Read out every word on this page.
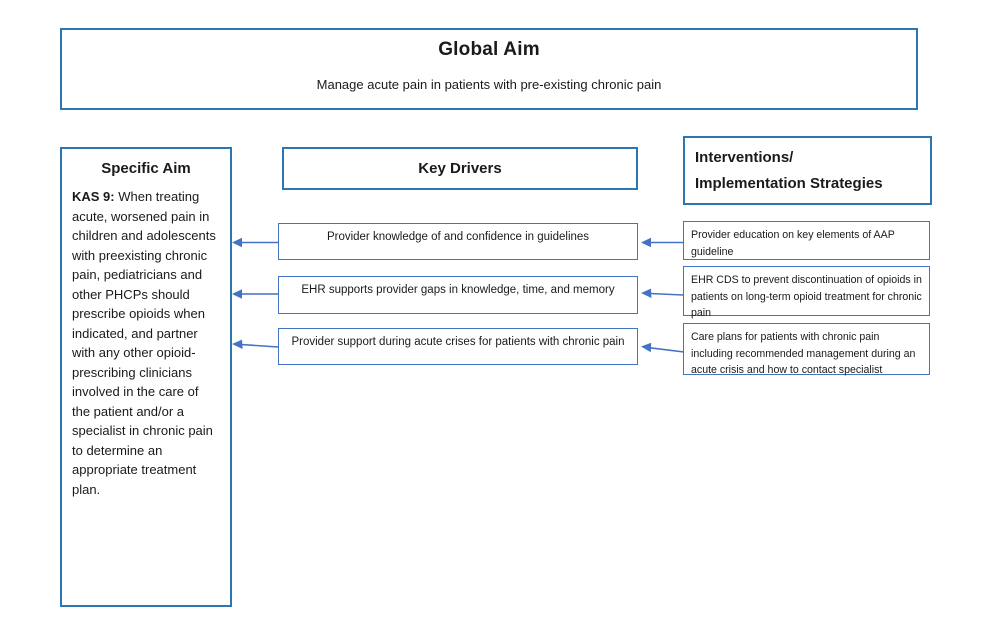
Global Aim
Manage acute pain in patients with pre-existing chronic pain
Specific Aim
KAS 9: When treating acute, worsened pain in children and adolescents with preexisting chronic pain, pediatricians and other PHCPs should prescribe opioids when indicated, and partner with any other opioid-prescribing clinicians involved in the care of the patient and/or a specialist in chronic pain to determine an appropriate treatment plan.
Key Drivers
Provider knowledge of and confidence in guidelines
EHR supports provider gaps in knowledge, time, and memory
Provider support during acute crises for patients with chronic pain
Interventions/
Implementation Strategies
Provider education on key elements of AAP guideline
EHR CDS to prevent discontinuation of opioids in patients on long-term opioid treatment for chronic pain
Care plans for patients with chronic pain including recommended management during an acute crisis and how to contact specialist
